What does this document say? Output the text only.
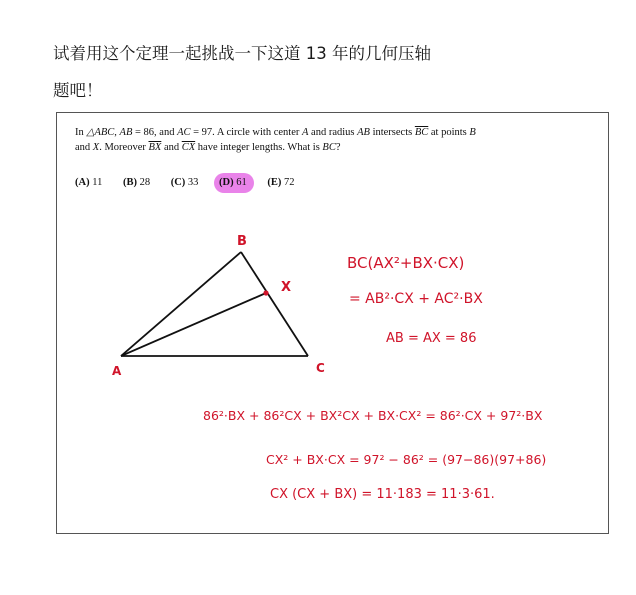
试着用这个定理一起挑战一下这道 13 年的几何压轴
题吧！
In △ABC, AB = 86, and AC = 97. A circle with center A and radius AB intersects $\overline{BC}$ at points B
and X. Moreover $\overline{BX}$ and $\overline{CX}$ have integer lengths. What is BC?
(A) 11 (B) 28 (C) 33 (D) 61 (E) 72
B
X
A	C
BC(AX²+BX·CX)
= AB²·CX + AC²·BX
AB = AX = 86
86²·BX + 86²CX + BX²CX + BX·CX² = 86²·CX + 97²·BX
CX² + BX·CX = 97² − 86² = (97−86)(97+86)
CX (CX + BX) = 11·183 = 11·3·61.
